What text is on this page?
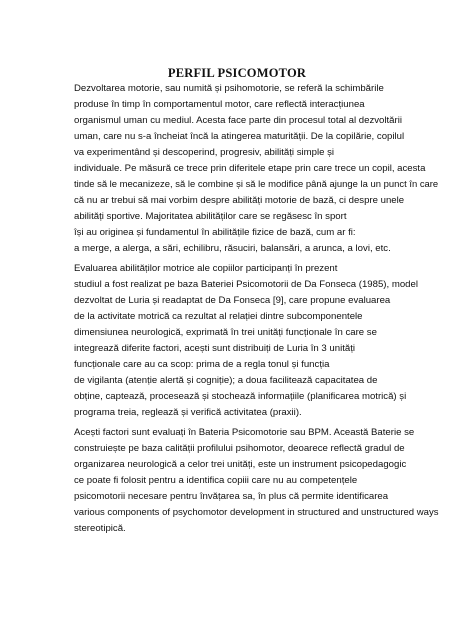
PERFIL PSICOMOTOR
Dezvoltarea motorie, sau numită și psihomotorie, se referă la schimbările
produse în timp în comportamentul motor, care reflectă interacțiunea
organismul uman cu mediul. Acesta face parte din procesul total al dezvoltării
uman, care nu s-a încheiat încă la atingerea maturității. De la copilărie, copilul
va experimentând și descoperind, progresiv, abilități simple și
individuale. Pe măsură ce trece prin diferitele etape prin care trece un copil, acesta
tinde să le mecanizeze, să le combine și să le modifice până ajunge la un punct în care
că nu ar trebui să mai vorbim despre abilități motorie de bază, ci despre unele
abilități sportive. Majoritatea abilităților care se regăsesc în sport
își au originea și fundamentul în abilitățile fizice de bază, cum ar fi:
a merge, a alerga, a sări, echilibru, răsuciri, balansări, a arunca, a lovi, etc.
Evaluarea abilităților motrice ale copiilor participanți în prezent
studiul a fost realizat pe baza Bateriei Psicomotorii de Da Fonseca (1985), model
dezvoltat de Luria și readaptat de Da Fonseca [9], care propune evaluarea
de la activitate motrică ca rezultat al relației dintre subcomponentele
dimensiunea neurologică, exprimată în trei unități funcționale în care se
integrează diferite factori, acești sunt distribuiți de Luria în 3 unități
funcționale care au ca scop: prima de a regla tonul și funcția
de vigilanta (atenție alertă și cogniție); a doua facilitează capacitatea de
obține, captează, procesează și stochează informațiile (planificarea motrică) și
programa treia, reglează și verifică activitatea (praxii).
Acești factori sunt evaluați în Bateria Psicomotorie sau BPM. Această Baterie se
construiește pe baza calității profilului psihomotor, deoarece reflectă gradul de
organizarea neurologică a celor trei unități, este un instrument psicopedagogic
ce poate fi folosit pentru a identifica copiii care nu au competențele
psicomotorii necesare pentru învățarea sa, în plus că permite identificarea
various components of psychomotor development in structured and unstructured ways
stereotipică.
